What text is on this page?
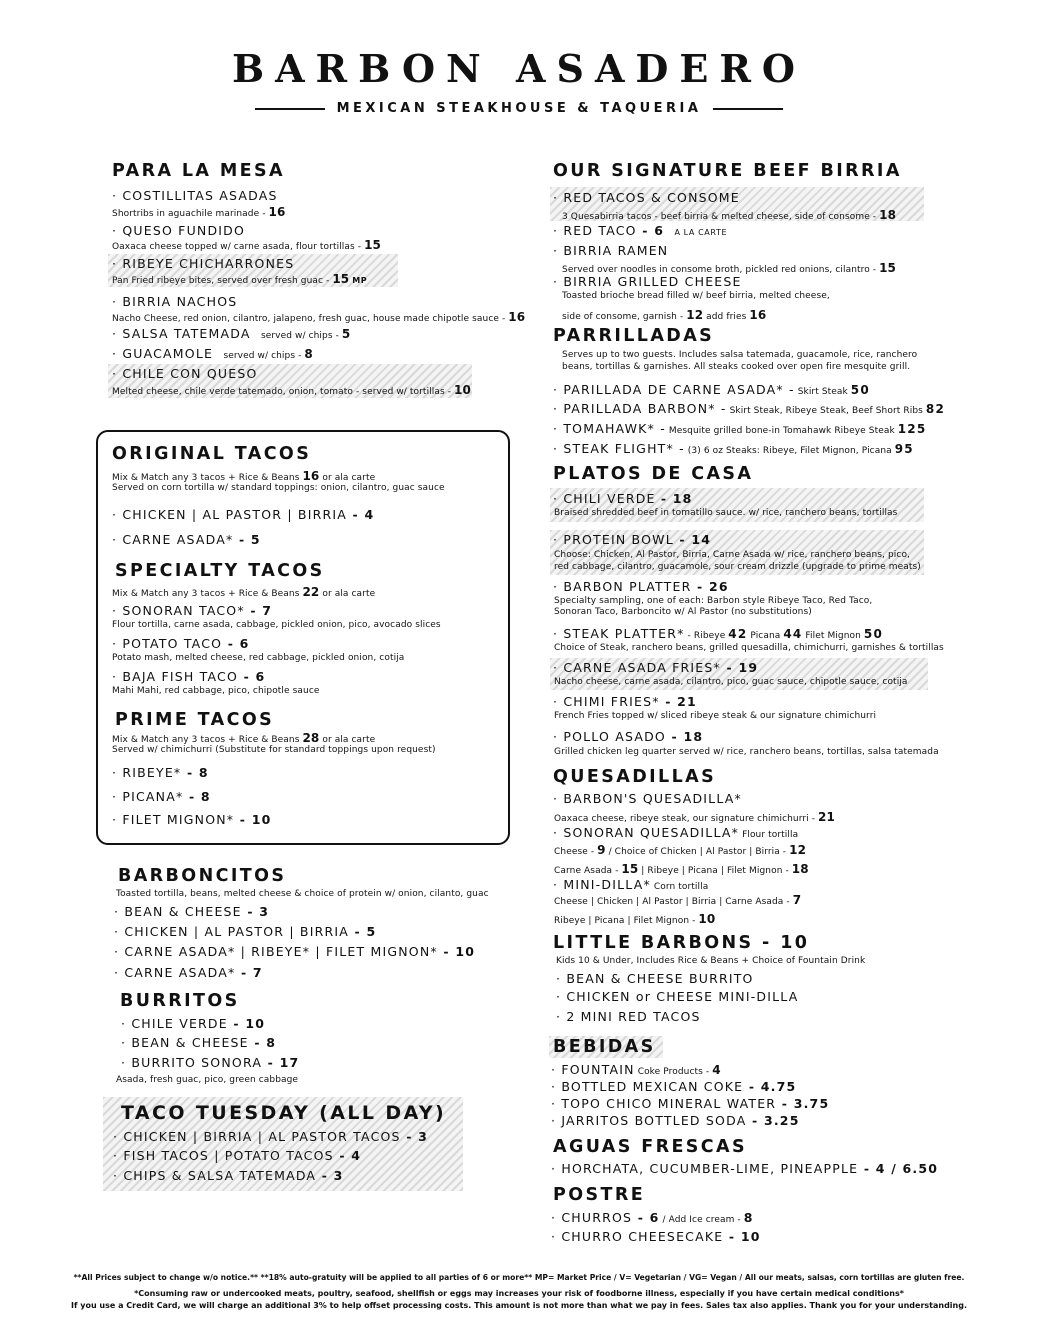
BARBON ASADERO
MEXICAN STEAKHOUSE & TAQUERIA
PARA LA MESA
· COSTILLITAS ASADAS
Shortribs in aguachile marinade - 16
· QUESO FUNDIDO
Oaxaca cheese topped w/ carne asada, flour tortillas - 15
· RIBEYE CHICHARRONES
Pan Fried ribeye bites, served over fresh guac - 15 MP
· BIRRIA NACHOS
Nacho Cheese, red onion, cilantro, jalapeno, fresh guac, house made chipotle sauce - 16
· SALSA TATEMADA served w/ chips - 5
· GUACAMOLE served w/ chips - 8
· CHILE CON QUESO
Melted cheese, chile verde tatemado, onion, tomato - served w/ tortillas - 10
ORIGINAL TACOS
Mix & Match any 3 tacos + Rice & Beans 16 or ala carte
Served on corn tortilla w/ standard toppings: onion, cilantro, guac sauce
· CHICKEN | AL PASTOR | BIRRIA - 4
· CARNE ASADA* - 5
SPECIALTY TACOS
Mix & Match any 3 tacos + Rice & Beans 22 or ala carte
· SONORAN TACO* - 7
Flour tortilla, carne asada, cabbage, pickled onion, pico, avocado slices
· POTATO TACO - 6
Potato mash, melted cheese, red cabbage, pickled onion, cotija
· BAJA FISH TACO - 6
Mahi Mahi, red cabbage, pico, chipotle sauce
PRIME TACOS
Mix & Match any 3 tacos + Rice & Beans 28 or ala carte
Served w/ chimichurri (Substitute for standard toppings upon request)
· RIBEYE* - 8
· PICANA* - 8
· FILET MIGNON* - 10
BARBONCITOS
Toasted tortilla, beans, melted cheese & choice of protein w/ onion, cilanto, guac
· BEAN & CHEESE - 3
· CHICKEN | AL PASTOR | BIRRIA - 5
· CARNE ASADA* | RIBEYE* | FILET MIGNON* - 10
· CARNE ASADA* - 7
BURRITOS
· CHILE VERDE - 10
· BEAN & CHEESE - 8
· BURRITO SONORA - 17
Asada, fresh guac, pico, green cabbage
TACO TUESDAY (ALL DAY)
· CHICKEN | BIRRIA | AL PASTOR TACOS - 3
· FISH TACOS | POTATO TACOS - 4
· CHIPS & SALSA TATEMADA - 3
OUR SIGNATURE BEEF BIRRIA
· RED TACOS & CONSOME
3 Quesabirria tacos - beef birria & melted cheese, side of consome - 18
· RED TACO - 6 A LA CARTE
· BIRRIA RAMEN
Served over noodles in consome broth, pickled red onions, cilantro - 15
· BIRRIA GRILLED CHEESE
Toasted brioche bread filled w/ beef birria, melted cheese,
side of consome, garnish - 12 add fries 16
PARRILLADAS
Serves up to two guests. Includes salsa tatemada, guacamole, rice, ranchero
beans, tortillas & garnishes. All steaks cooked over open fire mesquite grill.
· PARILLADA DE CARNE ASADA* - Skirt Steak 50
· PARILLADA BARBON* - Skirt Steak, Ribeye Steak, Beef Short Ribs 82
· TOMAHAWK* - Mesquite grilled bone-in Tomahawk Ribeye Steak 125
· STEAK FLIGHT* - (3) 6 oz Steaks: Ribeye, Filet Mignon, Picana 95
PLATOS DE CASA
· CHILI VERDE - 18
Braised shredded beef in tomatillo sauce. w/ rice, ranchero beans, tortillas
· PROTEIN BOWL - 14
Choose: Chicken, Al Pastor, Birria, Carne Asada w/ rice, ranchero beans, pico,
red cabbage, cilantro, guacamole, sour cream drizzle (upgrade to prime meats)
· BARBON PLATTER - 26
Specialty sampling, one of each: Barbon style Ribeye Taco, Red Taco,
Sonoran Taco, Barboncito w/ Al Pastor (no substitutions)
· STEAK PLATTER* - Ribeye 42 Picana 44 Filet Mignon 50
Choice of Steak, ranchero beans, grilled quesadilla, chimichurri, garnishes & tortillas
· CARNE ASADA FRIES* - 19
Nacho cheese, carne asada, cilantro, pico, guac sauce, chipotle sauce, cotija
· CHIMI FRIES* - 21
French Fries topped w/ sliced ribeye steak & our signature chimichurri
· POLLO ASADO - 18
Grilled chicken leg quarter served w/ rice, ranchero beans, tortillas, salsa tatemada
QUESADILLAS
· BARBON'S QUESADILLA*
Oaxaca cheese, ribeye steak, our signature chimichurri - 21
· SONORAN QUESADILLA* Flour tortilla
Cheese - 9 / Choice of Chicken | Al Pastor | Birria - 12
Carne Asada - 15 | Ribeye | Picana | Filet Mignon - 18
· MINI-DILLA* Corn tortilla
Cheese | Chicken | Al Pastor | Birria | Carne Asada - 7
Ribeye | Picana | Filet Mignon - 10
LITTLE BARBONS - 10
Kids 10 & Under, Includes Rice & Beans + Choice of Fountain Drink
· BEAN & CHEESE BURRITO
· CHICKEN or CHEESE MINI-DILLA
· 2 MINI RED TACOS
BEBIDAS
· FOUNTAIN Coke Products - 4
· BOTTLED MEXICAN COKE - 4.75
· TOPO CHICO MINERAL WATER - 3.75
· JARRITOS BOTTLED SODA - 3.25
AGUAS FRESCAS
· HORCHATA, CUCUMBER-LIME, PINEAPPLE - 4 / 6.50
POSTRE
· CHURROS - 6 / Add Ice cream - 8
· CHURRO CHEESECAKE - 10
**All Prices subject to change w/o notice.** **18% auto-gratuity will be applied to all parties of 6 or more** MP= Market Price / V= Vegetarian / VG= Vegan / All our meats, salsas, corn tortillas are gluten free.
*Consuming raw or undercooked meats, poultry, seafood, shellfish or eggs may increases your risk of foodborne illness, especially if you have certain medical conditions*
If you use a Credit Card, we will charge an additional 3% to help offset processing costs. This amount is not more than what we pay in fees. Sales tax also applies. Thank you for your understanding.
